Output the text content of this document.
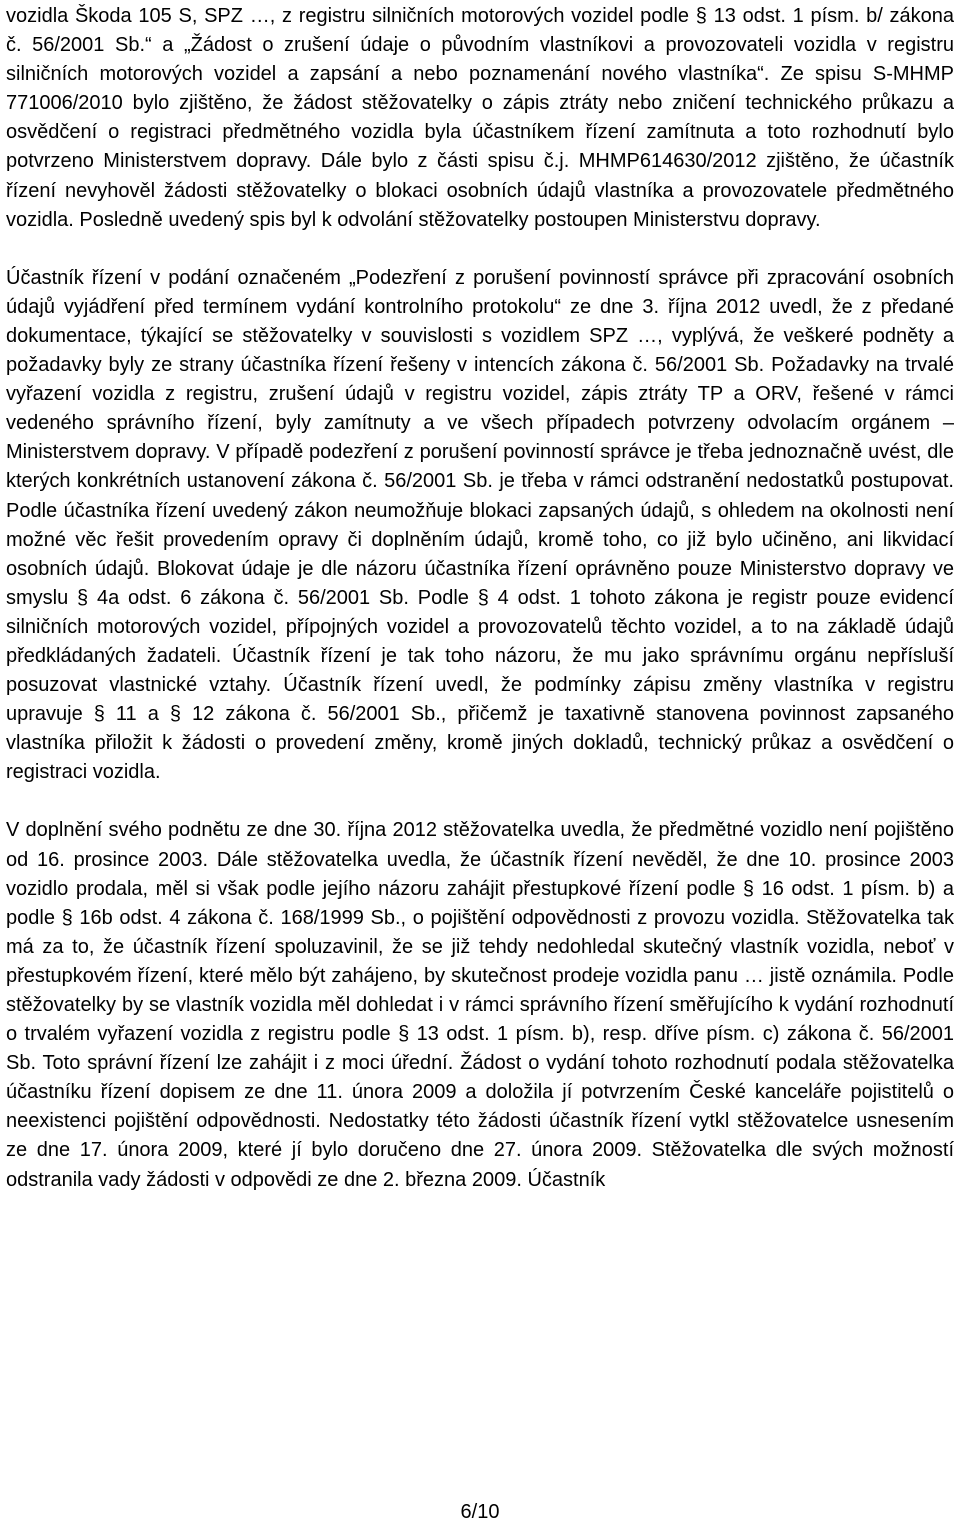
vozidla Škoda 105 S, SPZ …, z registru silničních motorových vozidel podle § 13 odst. 1 písm. b/ zákona č. 56/2001 Sb.“ a „Žádost o zrušení údaje o původním vlastníkovi a provozovateli vozidla v registru silničních motorových vozidel a zapsání a nebo poznamenání nového vlastníka“. Ze spisu S-MHMP 771006/2010 bylo zjištěno, že žádost stěžovatelky o zápis ztráty nebo zničení technického průkazu a osvědčení o registraci předmětného vozidla byla účastníkem řízení zamítnuta a toto rozhodnutí bylo potvrzeno Ministerstvem dopravy. Dále bylo z části spisu č.j. MHMP614630/2012 zjištěno, že účastník řízení nevyhověl žádosti stěžovatelky o blokaci osobních údajů vlastníka a provozovatele předmětného vozidla. Posledně uvedený spis byl k odvolání stěžovatelky postoupen Ministerstvu dopravy.

Účastník řízení v podání označeném „Podezření z porušení povinností správce při zpracování osobních údajů vyjádření před termínem vydání kontrolního protokolu“ ze dne 3. října 2012 uvedl, že z předané dokumentace, týkající se stěžovatelky v souvislosti s vozidlem SPZ …, vyplývá, že veškeré podněty a požadavky byly ze strany účastníka řízení řešeny v intencích zákona č. 56/2001 Sb. Požadavky na trvalé vyřazení vozidla z registru, zrušení údajů v registru vozidel, zápis ztráty TP a ORV, řešené v rámci vedeného správního řízení, byly zamítnuty a ve všech případech potvrzeny odvolacím orgánem – Ministerstvem dopravy. V případě podezření z porušení povinností správce je třeba jednoznačně uvést, dle kterých konkrétních ustanovení zákona č. 56/2001 Sb. je třeba v rámci odstranění nedostatků postupovat. Podle účastníka řízení uvedený zákon neumožňuje blokaci zapsaných údajů, s ohledem na okolnosti není možné věc řešit provedením opravy či doplněním údajů, kromě toho, co již bylo učiněno, ani likvidací osobních údajů. Blokovat údaje je dle názoru účastníka řízení oprávněno pouze Ministerstvo dopravy ve smyslu § 4a odst. 6 zákona č. 56/2001 Sb. Podle § 4 odst. 1 tohoto zákona je registr pouze evidencí silničních motorových vozidel, přípojných vozidel a provozovatelů těchto vozidel, a to na základě údajů předkládaných žadateli. Účastník řízení je tak toho názoru, že mu jako správnímu orgánu nepřísluší posuzovat vlastnické vztahy. Účastník řízení uvedl, že podmínky zápisu změny vlastníka v registru upravuje § 11 a § 12 zákona č. 56/2001 Sb., přičemž je taxativně stanovena povinnost zapsaného vlastníka přiložit k žádosti o provedení změny, kromě jiných dokladů, technický průkaz a osvědčení o registraci vozidla.

V doplnění svého podnětu ze dne 30. října 2012 stěžovatelka uvedla, že předmětné vozidlo není pojištěno od 16. prosince 2003. Dále stěžovatelka uvedla, že účastník řízení nevěděl, že dne 10. prosince 2003 vozidlo prodala, měl si však podle jejího názoru zahájit přestupkové řízení podle § 16 odst. 1 písm. b) a podle § 16b odst. 4 zákona č. 168/1999 Sb., o pojištění odpovědnosti z provozu vozidla. Stěžovatelka tak má za to, že účastník řízení spoluzavinil, že se již tehdy nedohledal skutečný vlastník vozidla, neboť v přestupkovém řízení, které mělo být zahájeno, by skutečnost prodeje vozidla panu … jistě oznámila. Podle stěžovatelky by se vlastník vozidla měl dohledat i v rámci správního řízení směřujícího k vydání rozhodnutí o trvalém vyřazení vozidla z registru podle § 13 odst. 1 písm. b), resp. dříve písm. c) zákona č. 56/2001 Sb. Toto správní řízení lze zahájit i z moci úřední. Žádost o vydání tohoto rozhodnutí podala stěžovatelka účastníku řízení dopisem ze dne 11. února 2009 a doložila jí potvrzením České kanceláře pojistitelů o neexistenci pojištění odpovědnosti. Nedostatky této žádosti účastník řízení vytkl stěžovatelce usnesením ze dne 17. února 2009, které jí bylo doručeno dne 27. února 2009. Stěžovatelka dle svých možností odstranila vady žádosti v odpovědi ze dne 2. března 2009. Účastník

6/10
